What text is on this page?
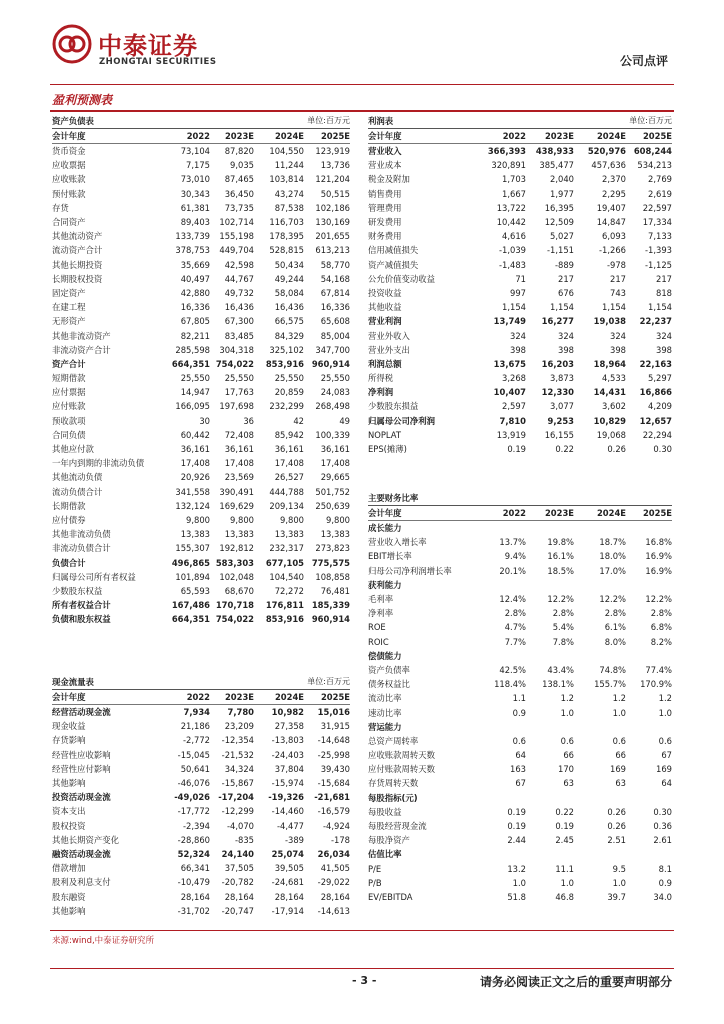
中泰证券
ZHONGTAI SECURITIES	公司点评
盈利预测表
资产负债表	单位:百万元
会计年度	2022	2023E	2024E	2025E
货币资金	73,104	87,820	104,550	123,919
应收票据	7,175	9,035	11,244	13,736
应收账款	73,010	87,465	103,814	121,204
预付账款	30,343	36,450	43,274	50,515
存货	61,381	73,735	87,538	102,186
合同资产	89,403	102,714	116,703	130,169
其他流动资产	133,739	155,198	178,395	201,655
流动资产合计	378,753	449,704	528,815	613,213
其他长期投资	35,669	42,598	50,434	58,770
长期股权投资	40,497	44,767	49,244	54,168
固定资产	42,880	49,732	58,084	67,814
在建工程	16,336	16,436	16,436	16,336
无形资产	67,805	67,300	66,575	65,608
其他非流动资产	82,211	83,485	84,329	85,004
非流动资产合计	285,598	304,318	325,102	347,700
资产合计	664,351 754,022	853,916 960,914
短期借款	25,550	25,550	25,550	25,550
应付票据	14,947	17,763	20,859	24,083
应付账款	166,095	197,698	232,299	268,498
预收款项	30	36	42	49
合同负债	60,442	72,408	85,942	100,339
其他应付款	36,161	36,161	36,161	36,161
一年内到期的非流动负债	17,408	17,408	17,408	17,408
其他流动负债	20,926	23,569	26,527	29,665
流动负债合计	341,558	390,491	444,788	501,752
长期借款	132,124	169,629	209,134	250,639
应付债券	9,800	9,800	9,800	9,800
其他非流动负债	13,383	13,383	13,383	13,383
非流动负债合计	155,307	192,812	232,317	273,823
负债合计	496,865 583,303	677,105 775,575
归属母公司所有者权益	101,894	102,048	104,540	108,858
少数股东权益	65,593	68,670	72,272	76,481
所有者权益合计	167,486 170,718	176,811 185,339
负债和股东权益	664,351 754,022	853,916 960,914
现金流量表	单位:百万元
会计年度	2022	2023E	2024E	2025E
经营活动现金流	7,934	7,780	10,982	15,016
现金收益	21,186	23,209	27,358	31,915
存货影响	-2,772	-12,354	-13,803	-14,648
经营性应收影响	-15,045	-21,532	-24,403	-25,998
经营性应付影响	50,641	34,324	37,804	39,430
其他影响	-46,076	-15,867	-15,974	-15,684
投资活动现金流	-49,026 -17,204	-19,326	-21,681
资本支出	-17,772	-12,299	-14,460	-16,579
股权投资	-2,394	-4,070	-4,477	-4,924
其他长期资产变化	-28,860	-835	-389	-178
融资活动现金流	52,324	24,140	25,074	26,034
借款增加	66,341	37,505	39,505	41,505
股利及利息支付	-10,479	-20,782	-24,681	-29,022
股东融资	28,164	28,164	28,164	28,164
其他影响	-31,702	-20,747	-17,914	-14,613
利润表	单位:百万元
会计年度	2022	2023E	2024E	2025E
营业收入	366,393	438,933	520,976 608,244
营业成本	320,891	385,477	457,636	534,213
税金及附加	1,703	2,040	2,370	2,769
销售费用	1,667	1,977	2,295	2,619
管理费用	13,722	16,395	19,407	22,597
研发费用	10,442	12,509	14,847	17,334
财务费用	4,616	5,027	6,093	7,133
信用减值损失	-1,039	-1,151	-1,266	-1,393
资产减值损失	-1,483	-889	-978	-1,125
公允价值变动收益	71	217	217	217
投资收益	997	676	743	818
其他收益	1,154	1,154	1,154	1,154
营业利润	13,749	16,277	19,038	22,237
营业外收入	324	324	324	324
营业外支出	398	398	398	398
利润总额	13,675	16,203	18,964	22,163
所得税	3,268	3,873	4,533	5,297
净利润	10,407	12,330	14,431	16,866
少数股东损益	2,597	3,077	3,602	4,209
归属母公司净利润	7,810	9,253	10,829	12,657
NOPLAT	13,919	16,155	19,068	22,294
EPS(摊薄)	0.19	0.22	0.26	0.30
主要财务比率
会计年度	2022	2023E	2024E	2025E
成长能力
营业收入增长率	13.7%	19.8%	18.7%	16.8%
EBIT增长率	9.4%	16.1%	18.0%	16.9%
归母公司净利润增长率	20.1%	18.5%	17.0%	16.9%
获利能力
毛利率	12.4%	12.2%	12.2%	12.2%
净利率	2.8%	2.8%	2.8%	2.8%
ROE	4.7%	5.4%	6.1%	6.8%
ROIC	7.7%	7.8%	8.0%	8.2%
偿债能力
资产负债率	42.5%	43.4%	74.8%	77.4%
债务权益比	118.4%	138.1%	155.7%	170.9%
流动比率	1.1	1.2	1.2	1.2
速动比率	0.9	1.0	1.0	1.0
营运能力
总资产周转率	0.6	0.6	0.6	0.6
应收账款周转天数	64	66	66	67
应付账款周转天数	163	170	169	169
存货周转天数	67	63	63	64
每股指标(元)
每股收益	0.19	0.22	0.26	0.30
每股经营现金流	0.19	0.19	0.26	0.36
每股净资产	2.44	2.45	2.51	2.61
估值比率
P/E	13.2	11.1	9.5	8.1
P/B	1.0	1.0	1.0	0.9
EV/EBITDA	51.8	46.8	39.7	34.0
来源:wind,中泰证券研究所
- 3 -	请务必阅读正文之后的重要声明部分
